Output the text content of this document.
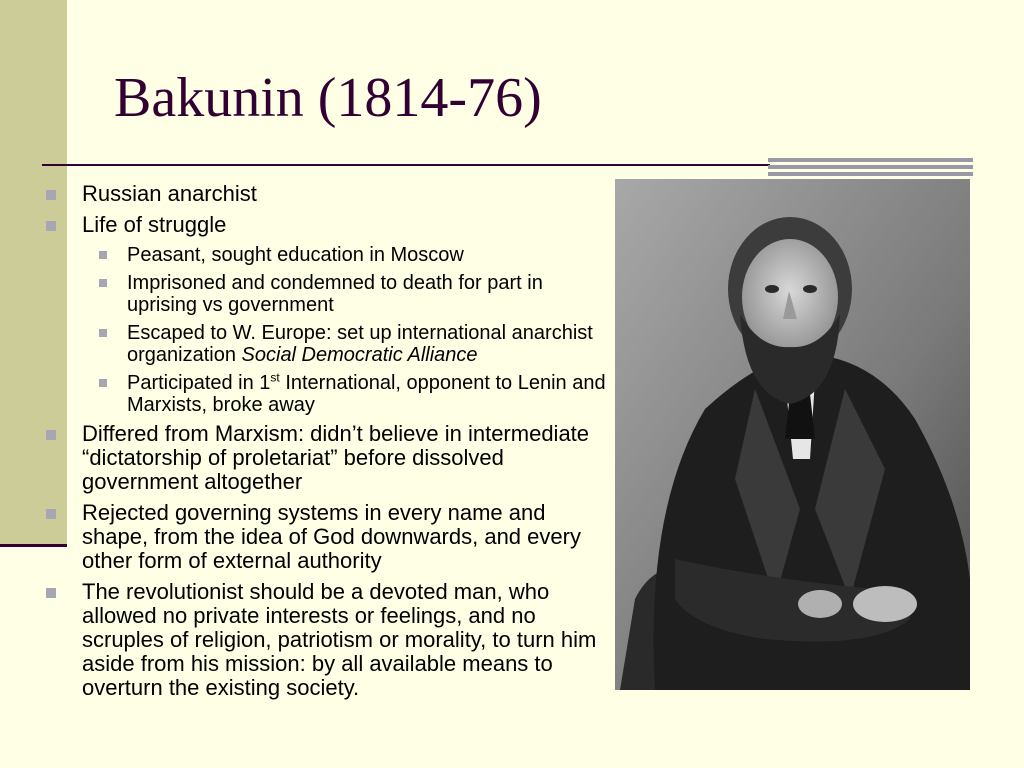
Bakunin (1814-76)
Russian anarchist
Life of struggle
Peasant, sought education in Moscow
Imprisoned and condemned to death for part in uprising vs government
Escaped to W. Europe: set up international anarchist organization Social Democratic Alliance
Participated in 1st International, opponent to Lenin and Marxists, broke away
Differed from Marxism: didn’t believe in intermediate “dictatorship of proletariat” before dissolved government altogether
Rejected governing systems in every name and shape, from the idea of God downwards, and every other form of external authority
The revolutionist should be a devoted man, who allowed no private interests or feelings, and no scruples of religion, patriotism or morality, to turn him aside from his mission: by all available means to overturn the existing society.
